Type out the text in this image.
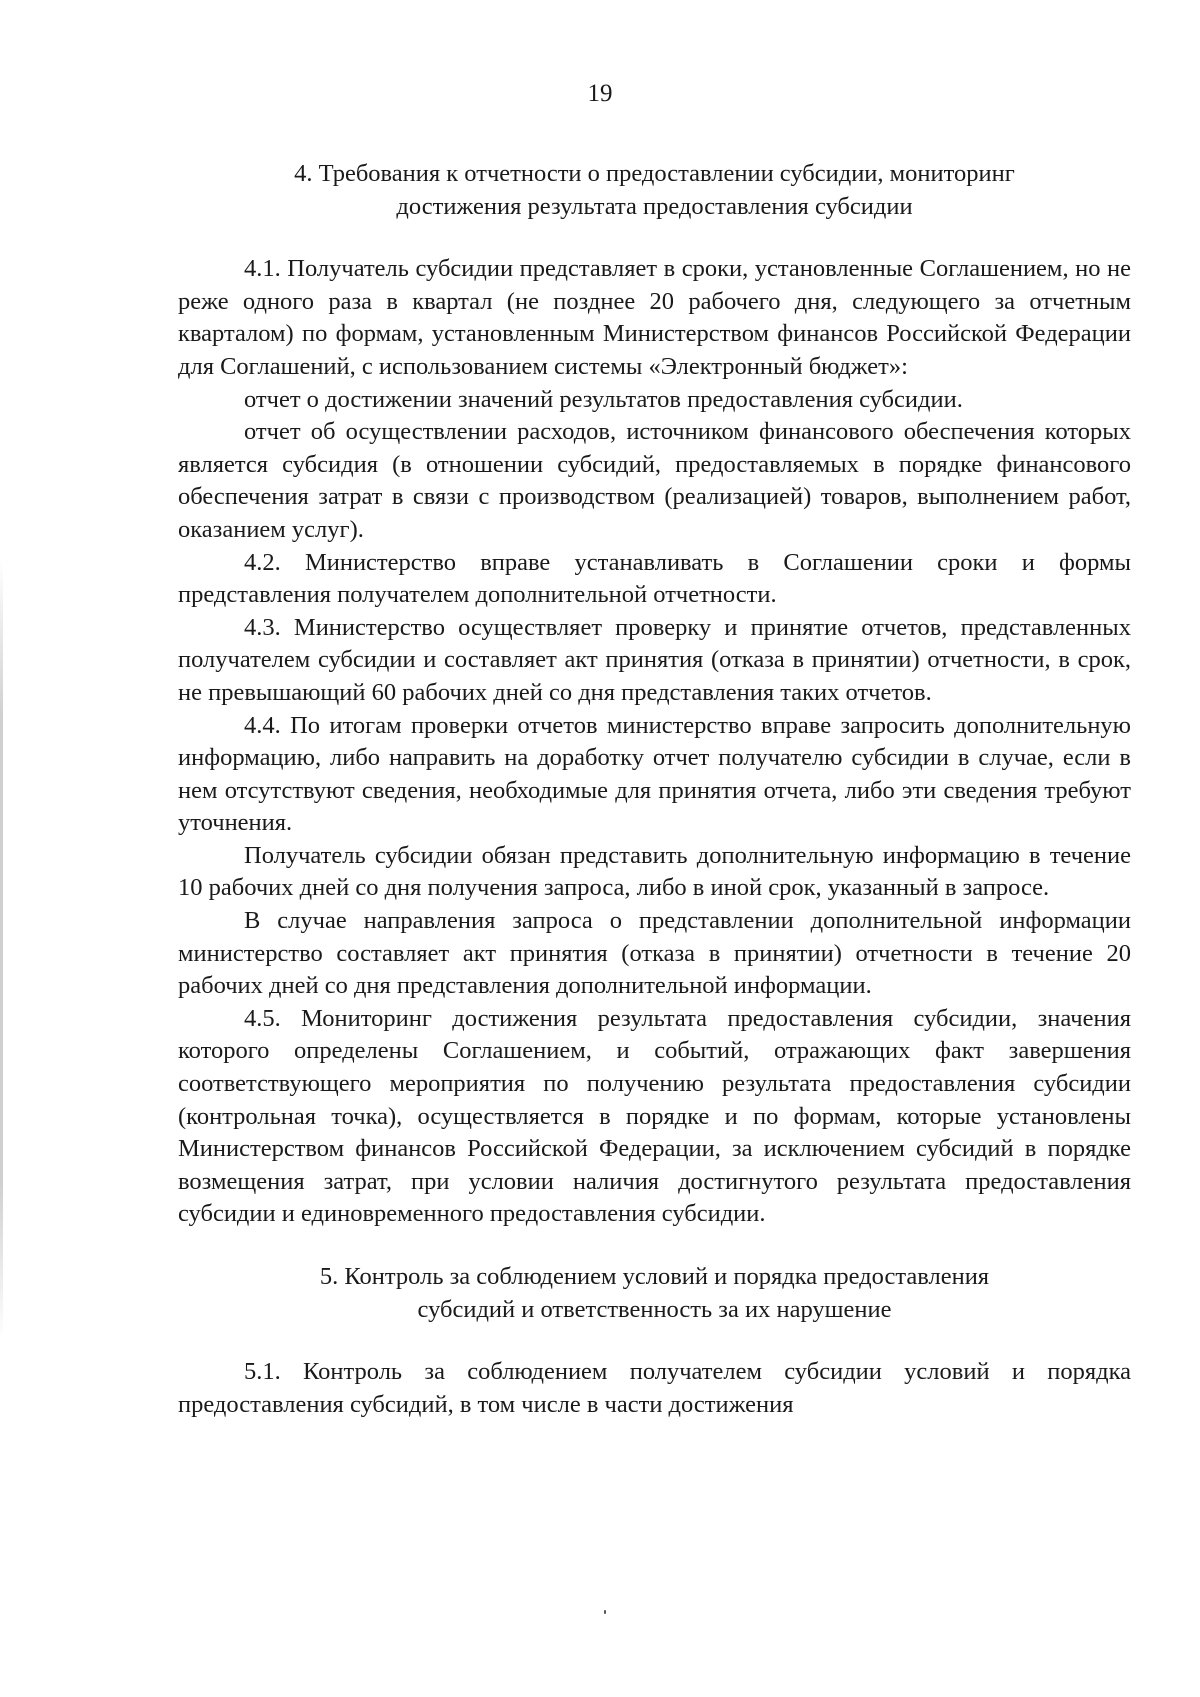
19
4. Требования к отчетности о предоставлении субсидии, мониторинг
достижения результата предоставления субсидии

4.1. Получатель субсидии представляет в сроки, установленные Соглашением, но не реже одного раза в квартал (не позднее 20 рабочего дня, следующего за отчетным кварталом) по формам, установленным Министерством финансов Российской Федерации для Соглашений, с использованием системы «Электронный бюджет»:

отчет о достижении значений результатов предоставления субсидии.

отчет об осуществлении расходов, источником финансового обеспечения которых является субсидия (в отношении субсидий, предоставляемых в порядке финансового обеспечения затрат в связи с производством (реализацией) товаров, выполнением работ, оказанием услуг).

4.2. Министерство вправе устанавливать в Соглашении сроки и формы представления получателем дополнительной отчетности.

4.3. Министерство осуществляет проверку и принятие отчетов, представленных получателем субсидии и составляет акт принятия (отказа в принятии) отчетности, в срок, не превышающий 60 рабочих дней со дня представления таких отчетов.

4.4. По итогам проверки отчетов министерство вправе запросить дополнительную информацию, либо направить на доработку отчет получателю субсидии в случае, если в нем отсутствуют сведения, необходимые для принятия отчета, либо эти сведения требуют уточнения.

Получатель субсидии обязан представить дополнительную информацию в течение 10 рабочих дней со дня получения запроса, либо в иной срок, указанный в запросе.

В случае направления запроса о представлении дополнительной информации министерство составляет акт принятия (отказа в принятии) отчетности в течение 20 рабочих дней со дня представления дополнительной информации.

4.5. Мониторинг достижения результата предоставления субсидии, значения которого определены Соглашением, и событий, отражающих факт завершения соответствующего мероприятия по получению результата предоставления субсидии (контрольная точка), осуществляется в порядке и по формам, которые установлены Министерством финансов Российской Федерации, за исключением субсидий в порядке возмещения затрат, при условии наличия достигнутого результата предоставления субсидии и единовременного предоставления субсидии.

5. Контроль за соблюдением условий и порядка предоставления
субсидий и ответственность за их нарушение

5.1. Контроль за соблюдением получателем субсидии условий и порядка предоставления субсидий, в том числе в части достижения
